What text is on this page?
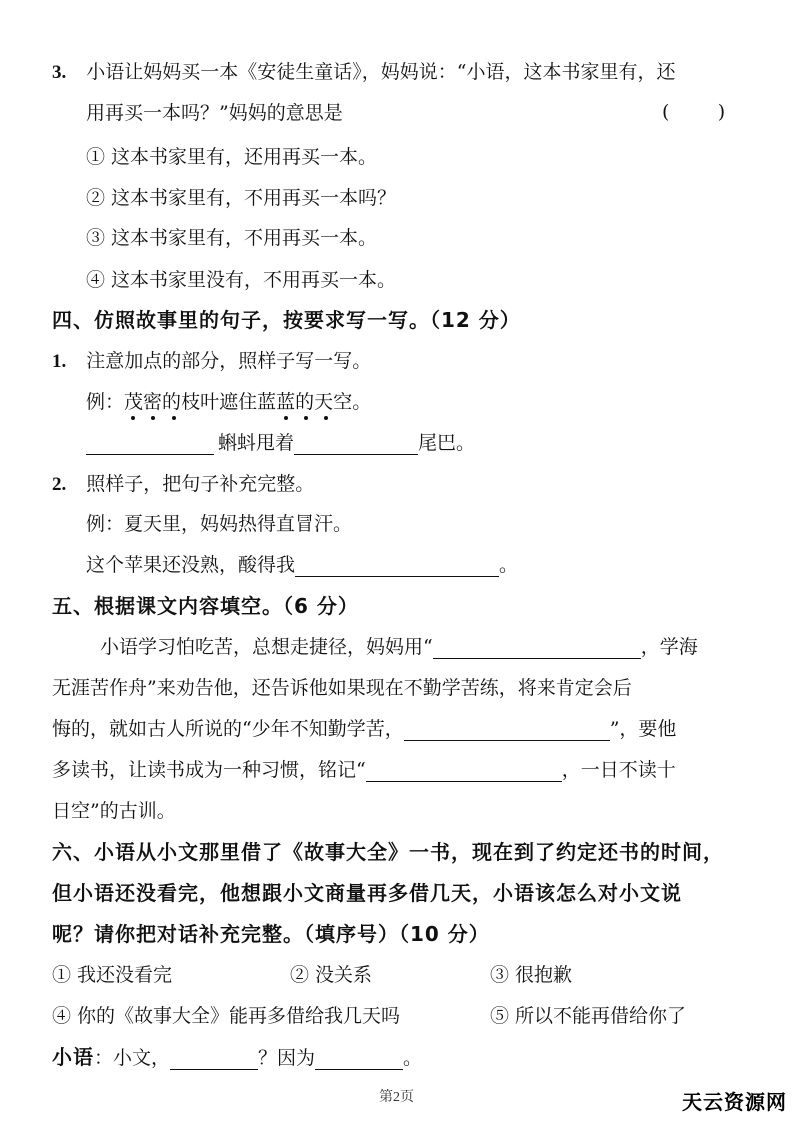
3. 小语让妈妈买一本《安徒生童话》，妈妈说：“小语，这本书家里有，还
用再买一本吗？”妈妈的意思是	(        )
① 这本书家里有，还用再买一本。
② 这本书家里有，不用再买一本吗？
③ 这本书家里有，不用再买一本。
④ 这本书家里没有，不用再买一本。
四、仿照故事里的句子，按要求写一写。（12 分）
1. 注意加点的部分，照样子写一写。
例：茂密的枝叶遮住蓝蓝的天空。
蝌蚪甩着	尾巴。
2. 照样子，把句子补充完整。
例：夏天里，妈妈热得直冒汗。
这个苹果还没熟，酸得我	。
五、根据课文内容填空。（6 分）
小语学习怕吃苦，总想走捷径，妈妈用“	，学海
无涯苦作舟”来劝告他，还告诉他如果现在不勤学苦练，将来肯定会后
悔的，就如古人所说的“少年不知勤学苦，	”，要他
多读书，让读书成为一种习惯，铭记“	，一日不读十
日空”的古训。
六、小语从小文那里借了《故事大全》一书，现在到了约定还书的时间，
但小语还没看完，他想跟小文商量再多借几天，小语该怎么对小文说
呢？请你把对话补充完整。（填序号）（10 分）
① 我还没看完	② 没关系	③ 很抱歉
④ 你的《故事大全》能再多借给我几天吗	⑤ 所以不能再借给你了
小语：小文，	？因为	。
第2页	天云资源网
